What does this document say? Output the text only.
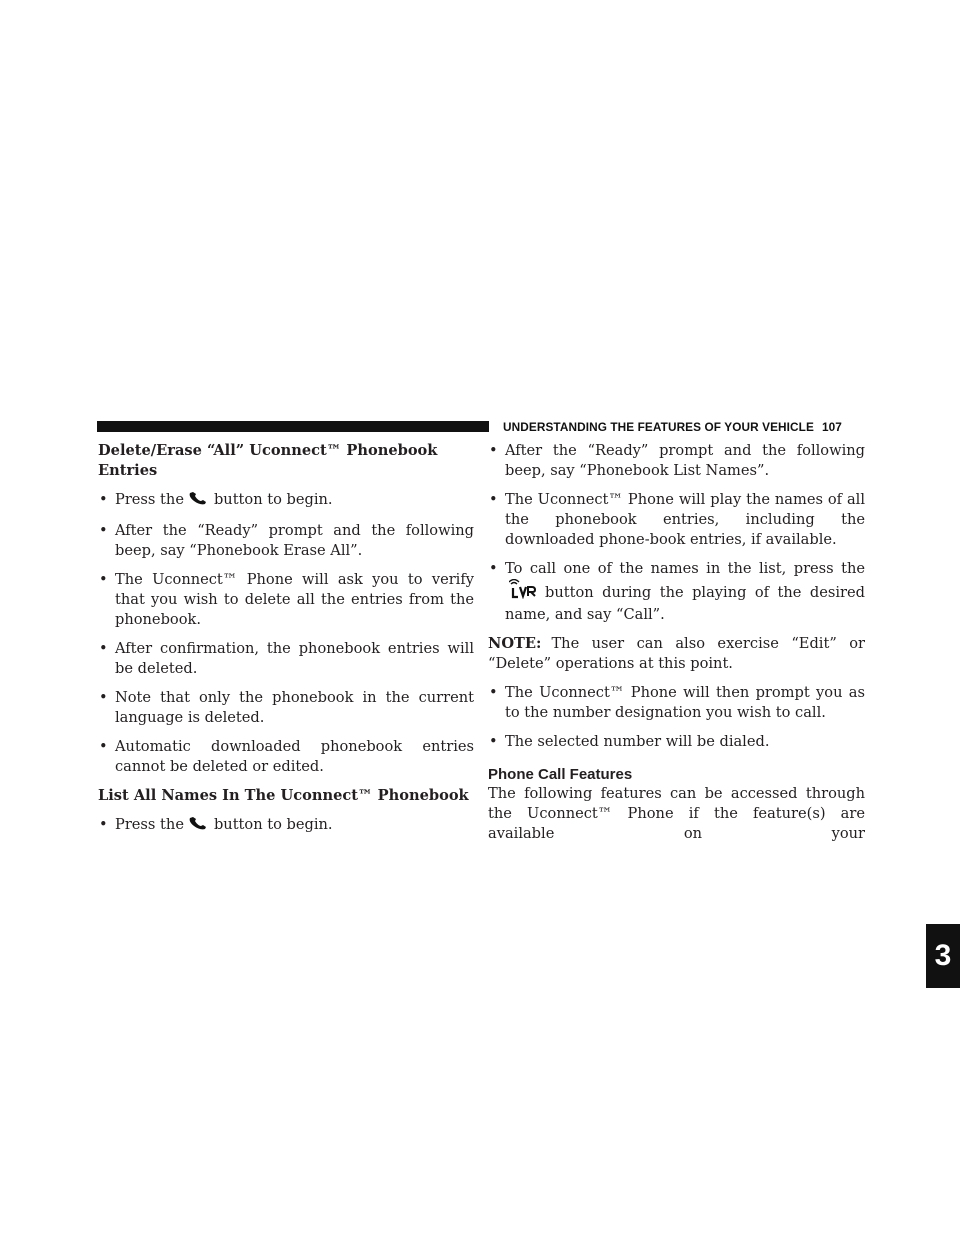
UNDERSTANDING THE FEATURES OF YOUR VEHICLE 107
3
Delete/Erase “All” Uconnect™ Phonebook Entries
• Press the button to begin.
• After the “Ready” prompt and the following beep, say “Phonebook Erase All”.
• The Uconnect™ Phone will ask you to verify that you wish to delete all the entries from the phonebook.
• After confirmation, the phonebook entries will be deleted.
• Note that only the phonebook in the current language is deleted.
• Automatic downloaded phonebook entries cannot be deleted or edited.
List All Names In The Uconnect™ Phonebook
• Press the button to begin.
• After the “Ready” prompt and the following beep, say “Phonebook List Names”.
• The Uconnect™ Phone will play the names of all the phonebook entries, including the downloaded phone-book entries, if available.
• To call one of the names in the list, press thebutton during the playing of the desired name, and say “Call”.
NOTE: The user can also exercise “Edit” or “Delete” operations at this point.
• The Uconnect™ Phone will then prompt you as to the number designation you wish to call.
• The selected number will be dialed.
Phone Call Features
The following features can be accessed through the Uconnect™ Phone if the feature(s) are available on your
